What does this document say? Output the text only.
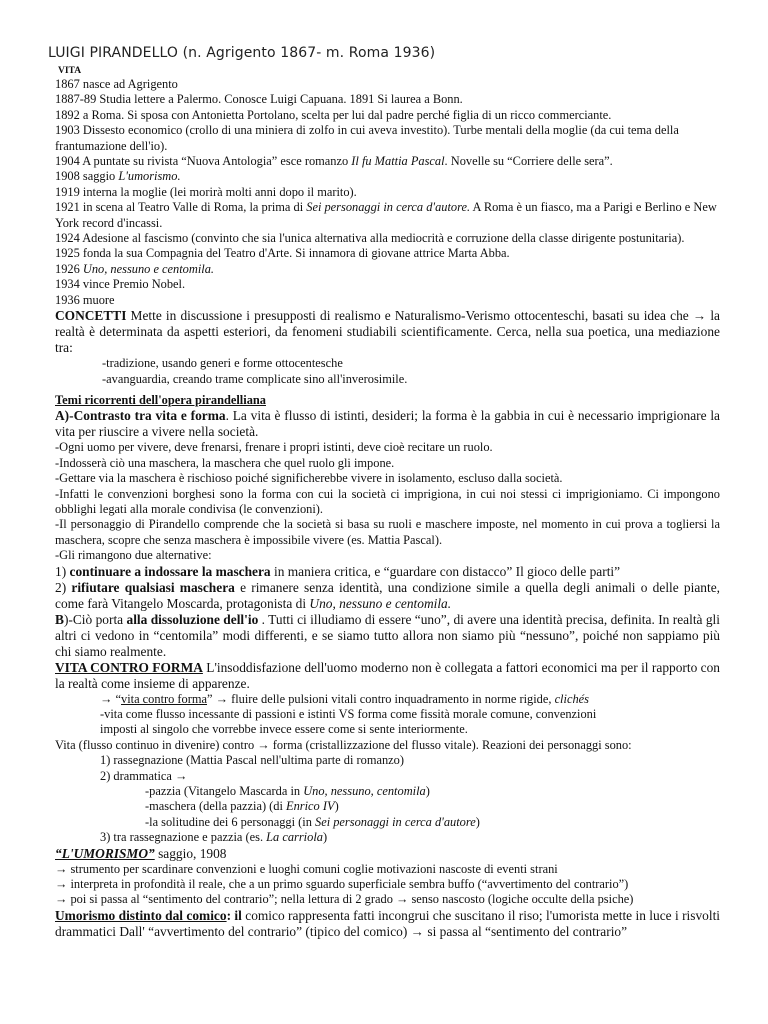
LUIGI PIRANDELLO (n. Agrigento 1867- m. Roma 1936)

VITA

1867 nasce ad Agrigento

1887-89 Studia lettere a Palermo. Conosce Luigi Capuana. 1891 Si laurea a Bonn.

1892 a Roma. Si sposa con Antonietta Portolano, scelta per lui dal padre perché figlia di un ricco commerciante.

1903 Dissesto economico (crollo di una miniera di zolfo in cui aveva investito). Turbe mentali della moglie (da cui tema della frantumazione dell'io).

1904 A puntate su rivista “Nuova Antologia” esce romanzo Il fu Mattia Pascal. Novelle su “Corriere delle sera”.

1908 saggio L'umorismo.

1919 interna la moglie (lei morirà molti anni dopo il marito).

1921 in scena al Teatro Valle di Roma, la prima di Sei personaggi in cerca d'autore. A Roma è un fiasco, ma a Parigi e Berlino e New York record d'incassi.

1924 Adesione al fascismo (convinto che sia l'unica alternativa alla mediocrità e corruzione della classe dirigente postunitaria).

1925 fonda la sua Compagnia del Teatro d'Arte. Si innamora di giovane attrice Marta Abba.

1926 Uno, nessuno e centomila.

1934 vince Premio Nobel.

1936 muore

CONCETTI Mette in discussione i presupposti di realismo e Naturalismo-Verismo ottocenteschi, basati su idea che → la realtà è determinata da aspetti esteriori, da fenomeni studiabili scientificamente. Cerca, nella sua poetica, una mediazione tra:

-tradizione, usando generi e forme ottocentesche

-avanguardia, creando trame complicate sino all'inverosimile.

Temi ricorrenti dell'opera pirandelliana

A)-Contrasto tra vita e forma. La vita è flusso di istinti, desideri; la forma è la gabbia in cui è necessario imprigionare la vita per riuscire a vivere nella società.

-Ogni uomo per vivere, deve frenarsi, frenare i propri istinti, deve cioè recitare un ruolo.

-Indosserà ciò una maschera, la maschera che quel ruolo gli impone.

-Gettare via la maschera è rischioso poiché significherebbe vivere in isolamento, escluso dalla società.

-Infatti le convenzioni borghesi sono la forma con cui la società ci imprigiona, in cui noi stessi ci imprigioniamo. Ci impongono obblighi legati alla morale condivisa (le convenzioni).

-Il personaggio di Pirandello comprende che la società si basa su ruoli e maschere imposte, nel momento in cui prova a togliersi la maschera, scopre che senza maschera è impossibile vivere (es. Mattia Pascal).

-Gli rimangono due alternative:

1) continuare a indossare la maschera in maniera critica, e “guardare con distacco” Il gioco delle parti”

2) rifiutare qualsiasi maschera e rimanere senza identità, una condizione simile a quella degli animali o delle piante, come farà Vitangelo Moscarda, protagonista di Uno, nessuno e centomila.

B)-Ciò porta alla dissoluzione dell'io . Tutti ci illudiamo di essere “uno”, di avere una identità precisa, definita. In realtà gli altri ci vedono in “centomila” modi differenti, e se siamo tutto allora non siamo più “nessuno”, poiché non sappiamo più chi siamo realmente.

VITA CONTRO FORMA L'insoddisfazione dell'uomo moderno non è collegata a fattori economici ma per il rapporto con la realtà come insieme di apparenze.

→ “vita contro forma” → fluire delle pulsioni vitali contro inquadramento in norme rigide, clichés

-vita come flusso incessante di passioni e istinti VS forma come fissità morale comune, convenzioni

imposti al singolo che vorrebbe invece essere come si sente interiormente.

Vita (flusso continuo in divenire) contro → forma (cristallizzazione del flusso vitale). Reazioni dei personaggi sono:

1) rassegnazione (Mattia Pascal nell'ultima parte di romanzo)

2) drammatica →

-pazzia (Vitangelo Mascarda in Uno, nessuno, centomila)

-maschera (della pazzia) (di Enrico IV)

-la solitudine dei 6 personaggi (in Sei personaggi in cerca d'autore)

3) tra rassegnazione e pazzia (es. La carriola)

“L'UMORISMO” saggio, 1908

→ strumento per scardinare convenzioni e luoghi comuni coglie motivazioni nascoste di eventi strani

→ interpreta in profondità il reale, che a un primo sguardo superficiale sembra buffo (“avvertimento del contrario”)

→ poi si passa al “sentimento del contrario”; nella lettura di 2 grado → senso nascosto (logiche occulte della psiche)

Umorismo distinto dal comico: il comico rappresenta fatti incongrui che suscitano il riso; l'umorista mette in luce i risvolti drammatici Dall' “avvertimento del contrario” (tipico del comico) → si passa al “sentimento del contrario”
